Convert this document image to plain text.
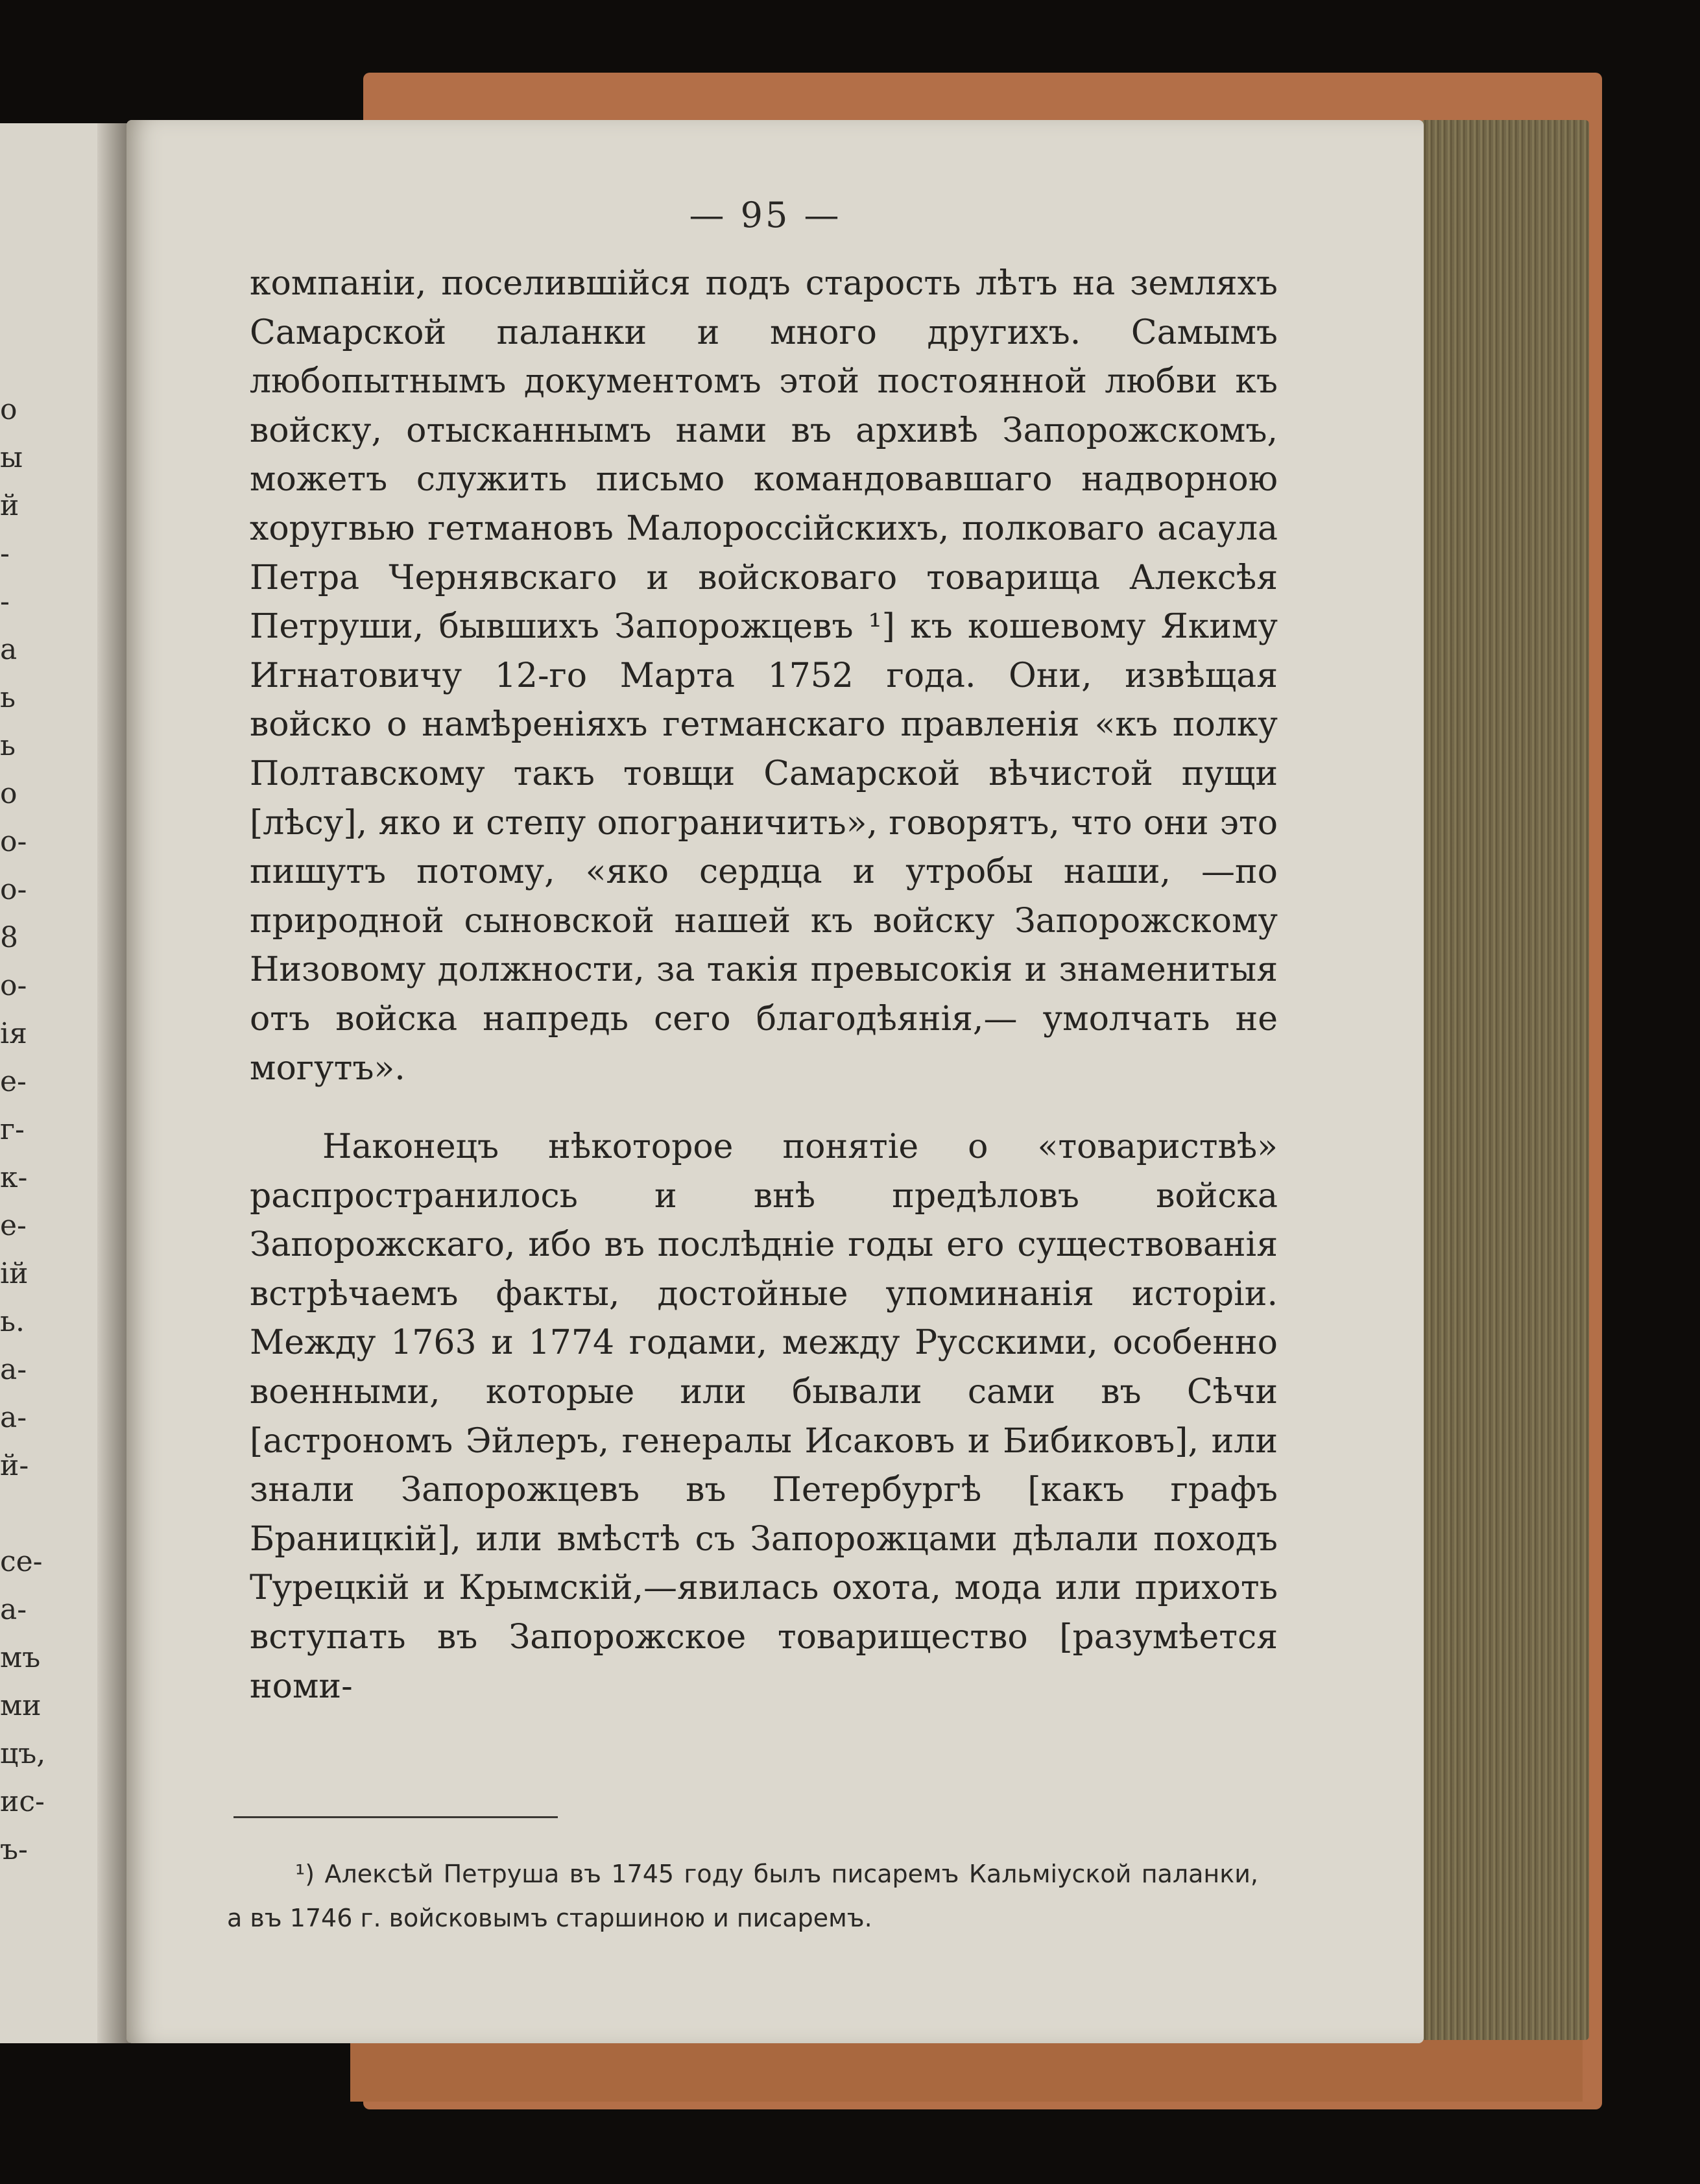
о
ы
й
-
-
а
ь
ь
о
о-
о-
8
о-
ія
е-
г-
к-
е-
ій
ь.
а-
а-
й-

се-
а-
мъ
ми
цъ,
ис-
ъ-

— 95 —

компаніи, поселившійся подъ старость лѣтъ на земляхъ Самарской паланки и много другихъ. Самымъ любопытнымъ документомъ этой постоянной любви къ войску, отысканнымъ нами въ архивѣ Запорожскомъ, можетъ служить письмо командовавшаго надворною хоругвью гетмановъ Малороссійскихъ, полковаго асаула Петра Чернявскаго и войсковаго товарища Алексѣя Петруши, бывшихъ Запорожцевъ ¹] къ кошевому Якиму Игнатовичу 12-го Марта 1752 года. Они, извѣщая войско о намѣреніяхъ гетманскаго правленія «къ полку Полтавскому такъ товщи Самарской вѣчистой пущи [лѣсу], яко и степу опограничить», говорятъ, что они это пишутъ потому, «яко сердца и утробы наши, —по природной сыновской нашей къ войску Запорожскому Низовому должности, за такія превысокія и знаменитыя отъ войска напредь сего благодѣянія,— умолчать не могутъ».

Наконецъ нѣкоторое понятіе о «товариствѣ» распространилось и внѣ предѣловъ войска Запорожскаго, ибо въ послѣдніе годы его существованія встрѣчаемъ факты, достойные упоминанія исторіи. Между 1763 и 1774 годами, между Русскими, особенно военными, которые или бывали сами въ Сѣчи [астрономъ Эйлеръ, генералы Исаковъ и Бибиковъ], или знали Запорожцевъ въ Петербургѣ [какъ графъ Браницкій], или вмѣстѣ съ Запорожцами дѣлали походъ Турецкій и Крымскій,—явилась охота, мода или прихоть вступать въ Запорожское товарищество [разумѣется номи-

¹) Алексѣй Петруша въ 1745 году былъ писаремъ Кальміуской паланки, а въ 1746 г. войсковымъ старшиною и писаремъ.
